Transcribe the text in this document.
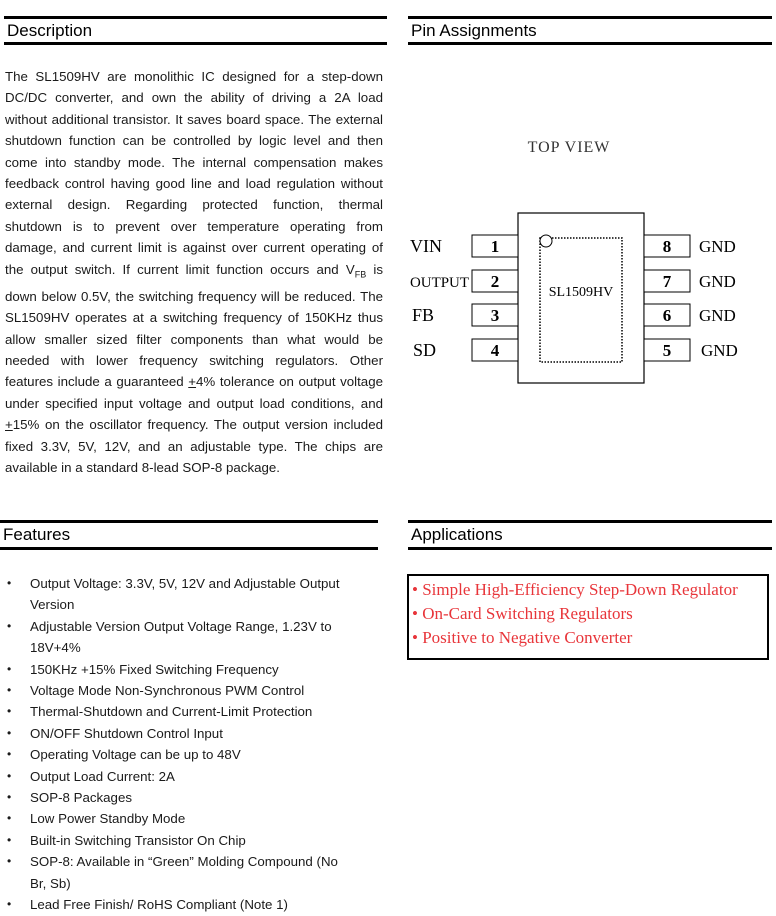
Description	Pin Assignments
Features	Applications

The SL1509HV are monolithic IC designed for a step-down DC/DC converter, and own the ability of driving a 2A load without additional transistor. It saves board space. The external shutdown function can be controlled by logic level and then come into standby mode. The internal compensation makes feedback control having good line and load regulation without external design. Regarding protected function, thermal shutdown is to prevent over temperature operating from damage, and current limit is against over current operating of the output switch. If current limit function occurs and $V_{FB}$ is down below 0.5V, the switching frequency will be reduced. The SL1509HV operates at a switching frequency of 150KHz thus allow smaller sized filter components than what would be needed with lower frequency switching regulators. Other features include a guaranteed +4% tolerance on output voltage under specified input voltage and output load conditions, and +15% on the oscillator frequency. The output version included fixed 3.3V, 5V, 12V, and an adjustable type. The chips are available in a standard 8-lead SOP-8 package.

TOP VIEW
SL1509HV
1
VIN
2
OUTPUT
3
FB
4
SD
8 GND
7 GND
6 GND
5 GND
• Output Voltage: 3.3V, 5V, 12V and Adjustable Output Version
• Adjustable Version Output Voltage Range, 1.23V to 18V+4%
• 150KHz +15% Fixed Switching Frequency
• Voltage Mode Non-Synchronous PWM Control
• Thermal-Shutdown and Current-Limit Protection
• ON/OFF Shutdown Control Input
• Operating Voltage can be up to 48V
• Output Load Current: 2A
• SOP-8 Packages
• Low Power Standby Mode
• Built-in Switching Transistor On Chip
• SOP-8: Available in “Green” Molding Compound (No Br, Sb)
• Lead Free Finish/ RoHS Compliant (Note 1)
• Simple High-Efficiency Step-Down Regulator
• On-Card Switching Regulators
• Positive to Negative Converter
